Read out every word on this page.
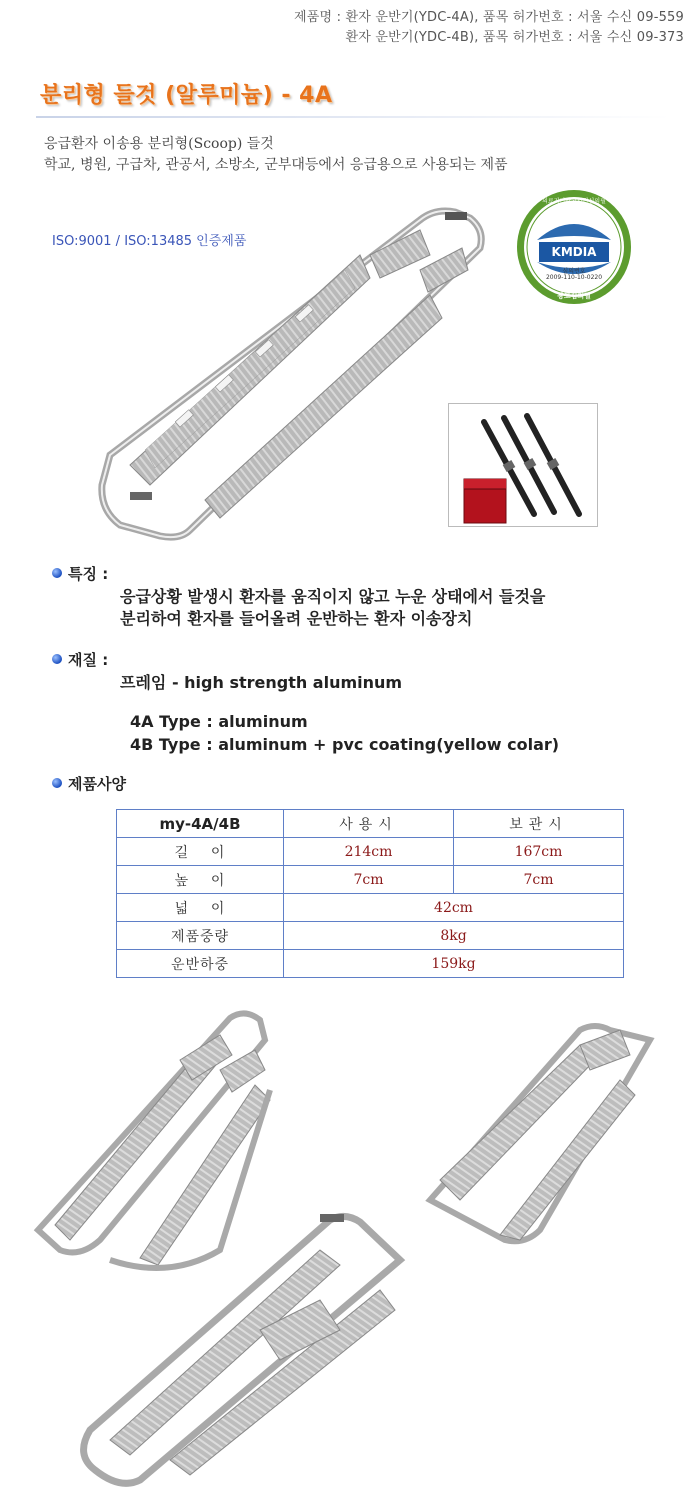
제품명 : 환자 운반기(YDC-4A), 품목 허가번호 : 서울 수신 09-559
환자 운반기(YDC-4B), 품목 허가번호 : 서울 수신 09-373
분리형 들것 (알루미늄) - 4A
응급환자 이송용 분리형(Scoop) 들것
학교, 병원, 구급차, 관공서, 소방소, 군부대등에서 응급용으로 사용되는 제품
ISO:9001 / ISO:13485 인증제품
KMDIA
심의번호
2009-110-10-0220
의료기기광고사전심의필
광고심의필
특징 :
응급상황 발생시 환자를 움직이지 않고 누운 상태에서 들것을
분리하여 환자를 들어올려 운반하는 환자 이송장치
재질 :
프레임 - high strength aluminum
4A Type : aluminum
4B Type : aluminum + pvc coating(yellow colar)
제품사양
my-4A/4B	사용시	보관시
길    이	214cm	167cm
높    이	7cm	7cm
넓    이	42cm	
제품중량	8kg	
운반하중	159kg	
